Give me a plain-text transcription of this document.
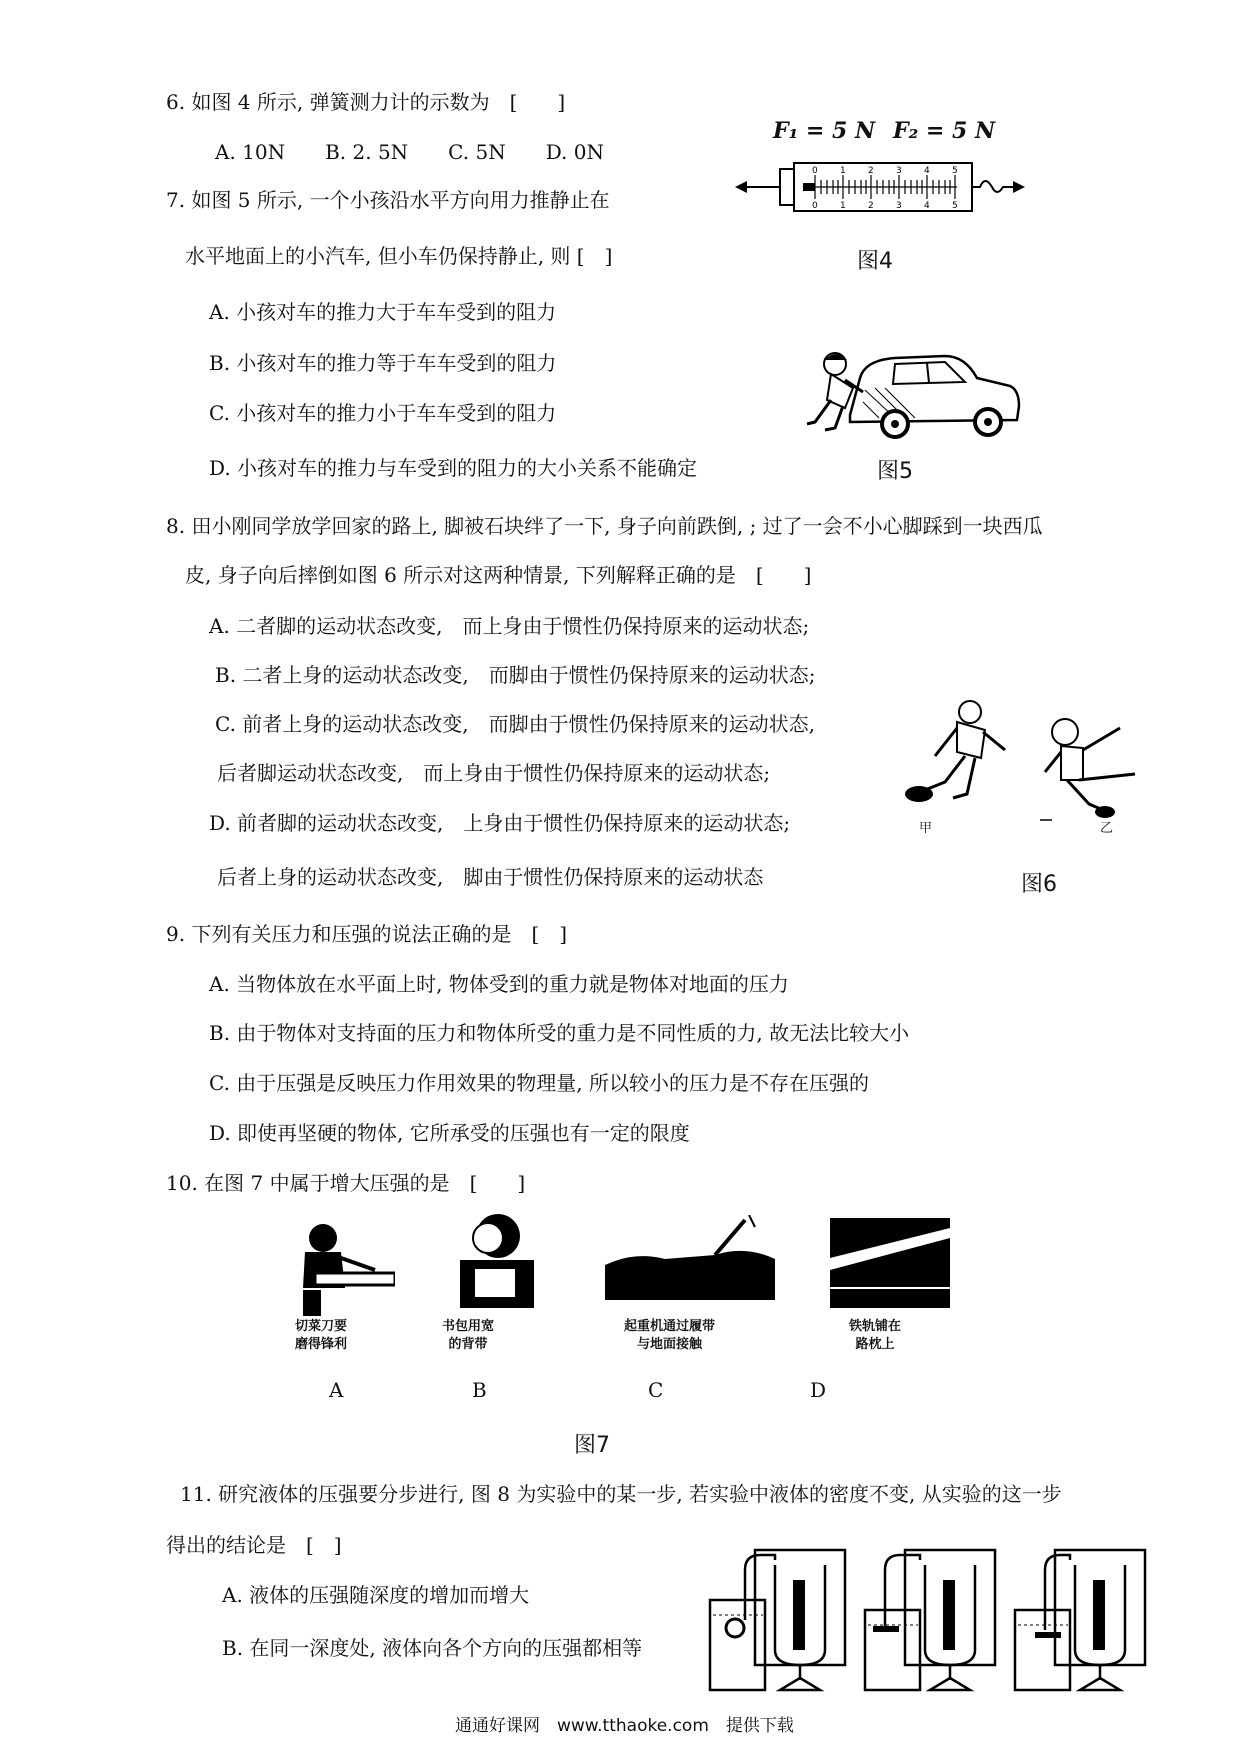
6. 如图 4 所示, 弹簧测力计的示数为　[　　]
A. 10N　　B. 2. 5N　　C. 5N　　D. 0N
F₁ = 5 N F₂ = 5 N
0 1 2 3 4 5
0 1 2 3 4 5
图4
7. 如图 5 所示, 一个小孩沿水平方向用力推静止在
水平地面上的小汽车, 但小车仍保持静止, 则 [　]
A. 小孩对车的推力大于车车受到的阻力
B. 小孩对车的推力等于车车受到的阻力
C. 小孩对车的推力小于车车受到的阻力
D. 小孩对车的推力与车受到的阻力的大小关系不能确定	图5
8. 田小刚同学放学回家的路上, 脚被石块绊了一下, 身子向前跌倒, ; 过了一会不小心脚踩到一块西瓜
皮, 身子向后摔倒如图 6 所示对这两种情景, 下列解释正确的是　[　　]
A. 二者脚的运动状态改变,　而上身由于惯性仍保持原来的运动状态;
B. 二者上身的运动状态改变,　而脚由于惯性仍保持原来的运动状态;
C. 前者上身的运动状态改变,　而脚由于惯性仍保持原来的运动状态,
后者脚运动状态改变,　而上身由于惯性仍保持原来的运动状态;
D. 前者脚的运动状态改变,　上身由于惯性仍保持原来的运动状态;
后者上身的运动状态改变,　脚由于惯性仍保持原来的运动状态
甲	乙
图6
9. 下列有关压力和压强的说法正确的是　[　]
A. 当物体放在水平面上时, 物体受到的重力就是物体对地面的压力
B. 由于物体对支持面的压力和物体所受的重力是不同性质的力, 故无法比较大小
C. 由于压强是反映压力作用效果的物理量, 所以较小的压力是不存在压强的
D. 即使再坚硬的物体, 它所承受的压强也有一定的限度
10. 在图 7 中属于增大压强的是　[　　]
切菜刀要
磨得锋利
书包用宽
的背带
起重机通过履带
与地面接触
铁轨铺在
路枕上
A	B	C	D
图7
11. 研究液体的压强要分步进行, 图 8 为实验中的某一步, 若实验中液体的密度不变, 从实验的这一步
得出的结论是　[　]
A. 液体的压强随深度的增加而增大
B. 在同一深度处, 液体向各个方向的压强都相等
通通好课网　www.tthaoke.com　提供下载
